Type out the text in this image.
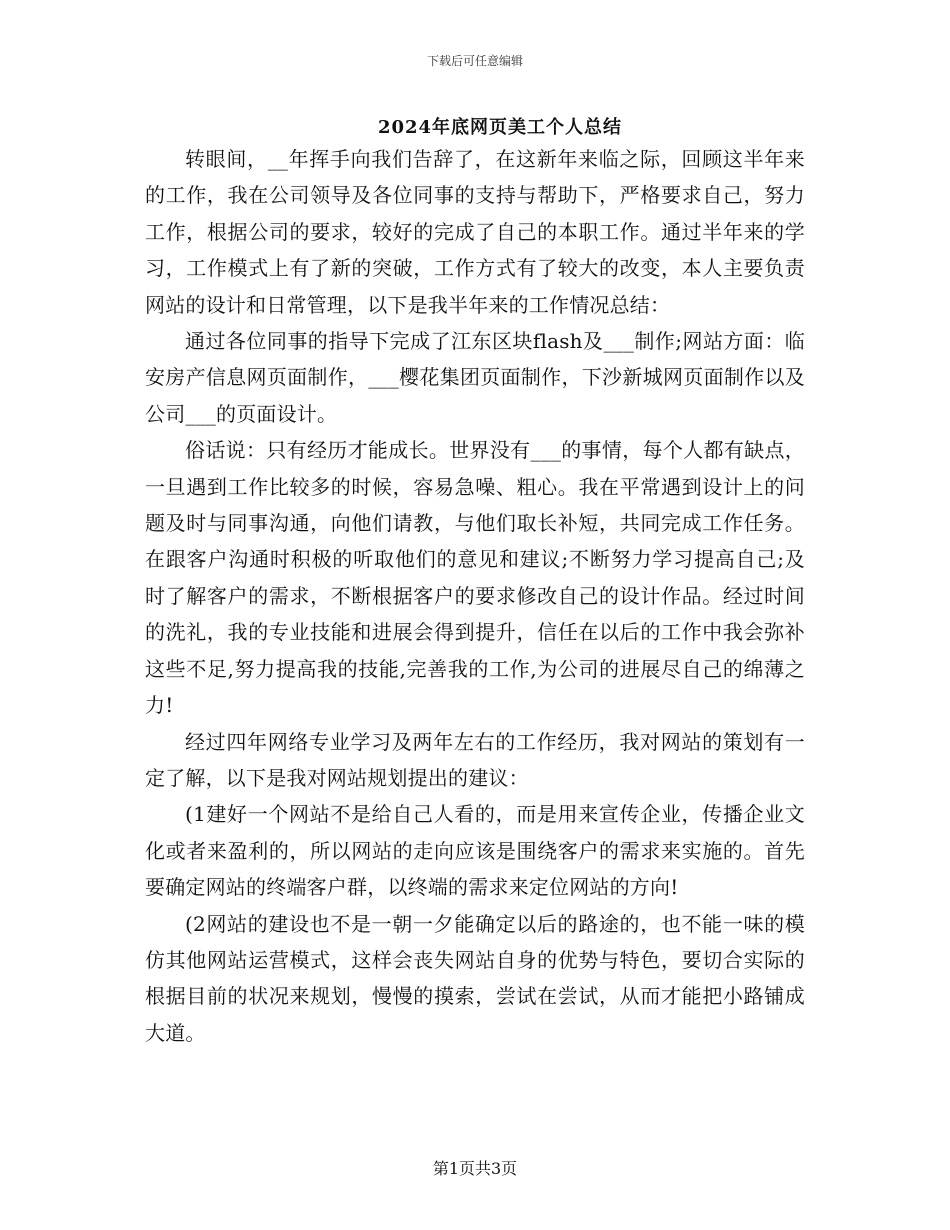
下载后可任意编辑
2024年底网页美工个人总结

转眼间，__年挥手向我们告辞了，在这新年来临之际，回顾这半年来的工作，我在公司领导及各位同事的支持与帮助下，严格要求自己，努力工作，根据公司的要求，较好的完成了自己的本职工作。通过半年来的学习，工作模式上有了新的突破，工作方式有了较大的改变，本人主要负责网站的设计和日常管理，以下是我半年来的工作情况总结：

通过各位同事的指导下完成了江东区块flash及___制作;网站方面：临安房产信息网页面制作，___樱花集团页面制作，下沙新城网页面制作以及公司___的页面设计。

俗话说：只有经历才能成长。世界没有___的事情，每个人都有缺点，一旦遇到工作比较多的时候，容易急噪、粗心。我在平常遇到设计上的问题及时与同事沟通，向他们请教，与他们取长补短，共同完成工作任务。在跟客户沟通时积极的听取他们的意见和建议;不断努力学习提高自己;及时了解客户的需求，不断根据客户的要求修改自己的设计作品。经过时间的洗礼，我的专业技能和进展会得到提升，信任在以后的工作中我会弥补这些不足,努力提高我的技能,完善我的工作,为公司的进展尽自己的绵薄之力!

经过四年网络专业学习及两年左右的工作经历，我对网站的策划有一定了解，以下是我对网站规划提出的建议：

(1建好一个网站不是给自己人看的，而是用来宣传企业，传播企业文化或者来盈利的，所以网站的走向应该是围绕客户的需求来实施的。首先要确定网站的终端客户群，以终端的需求来定位网站的方向!

(2网站的建设也不是一朝一夕能确定以后的路途的，也不能一味的模仿其他网站运营模式，这样会丧失网站自身的优势与特色，要切合实际的根据目前的状况来规划，慢慢的摸索，尝试在尝试，从而才能把小路铺成大道。

第1页共3页
